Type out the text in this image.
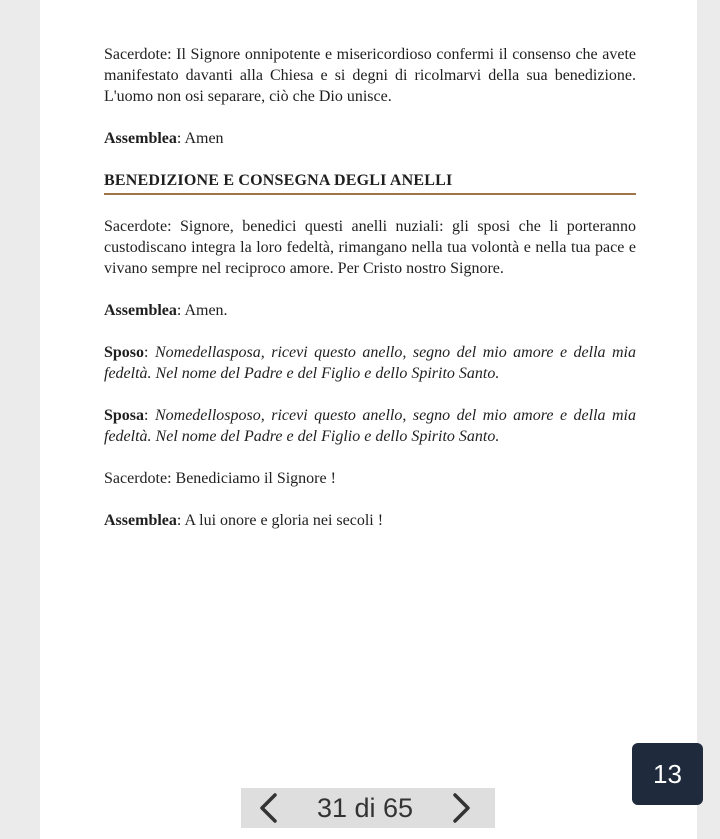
Sacerdote: Il Signore onnipotente e misericordioso confermi il consenso che avete manifestato davanti alla Chiesa e si degni di ricolmarvi della sua benedizione. L'uomo non osi separare, ciò che Dio unisce.

Assemblea: Amen

BENEDIZIONE E CONSEGNA DEGLI ANELLI

Sacerdote: Signore, benedici questi anelli nuziali: gli sposi che li porteranno custodiscano integra la loro fedeltà, rimangano nella tua volontà e nella tua pace e vivano sempre nel reciproco amore. Per Cristo nostro Signore.

Assemblea: Amen.

Sposo: Nomedellasposa, ricevi questo anello, segno del mio amore e della mia fedeltà. Nel nome del Padre e del Figlio e dello Spirito Santo.

Sposa: Nomedellosposo, ricevi questo anello, segno del mio amore e della mia fedeltà. Nel nome del Padre e del Figlio e dello Spirito Santo.

Sacerdote: Benediciamo il Signore !

Assemblea: A lui onore e gloria nei secoli !

13
31 di 65
